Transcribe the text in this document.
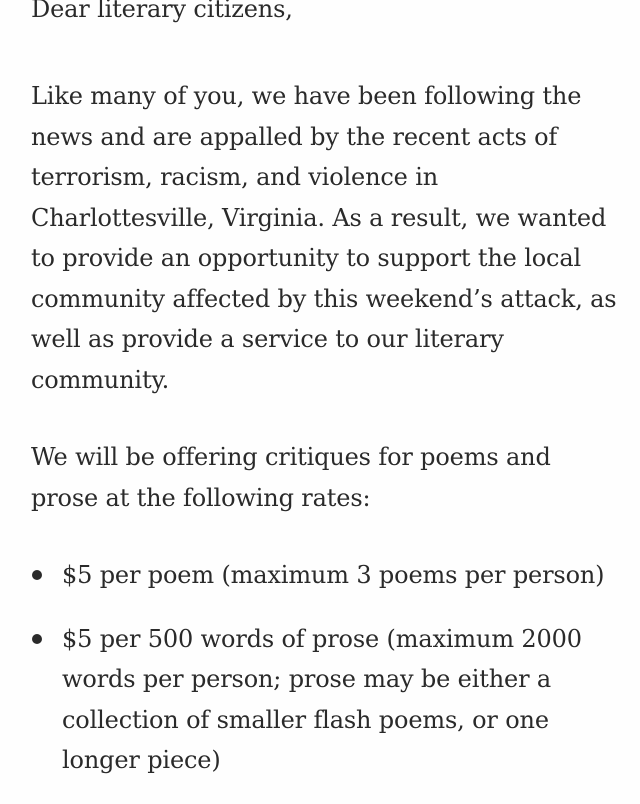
Dear literary citizens,

Like many of you, we have been following the news and are appalled by the recent acts of terrorism, racism, and violence in Charlottesville, Virginia. As a result, we wanted to provide an opportunity to support the local community affected by this weekend’s attack, as well as provide a service to our literary community.

We will be offering critiques for poems and prose at the following rates:

$5 per poem (maximum 3 poems per person)
$5 per 500 words of prose (maximum 2000 words per person; prose may be either a collection of smaller flash poems, or one longer piece)
